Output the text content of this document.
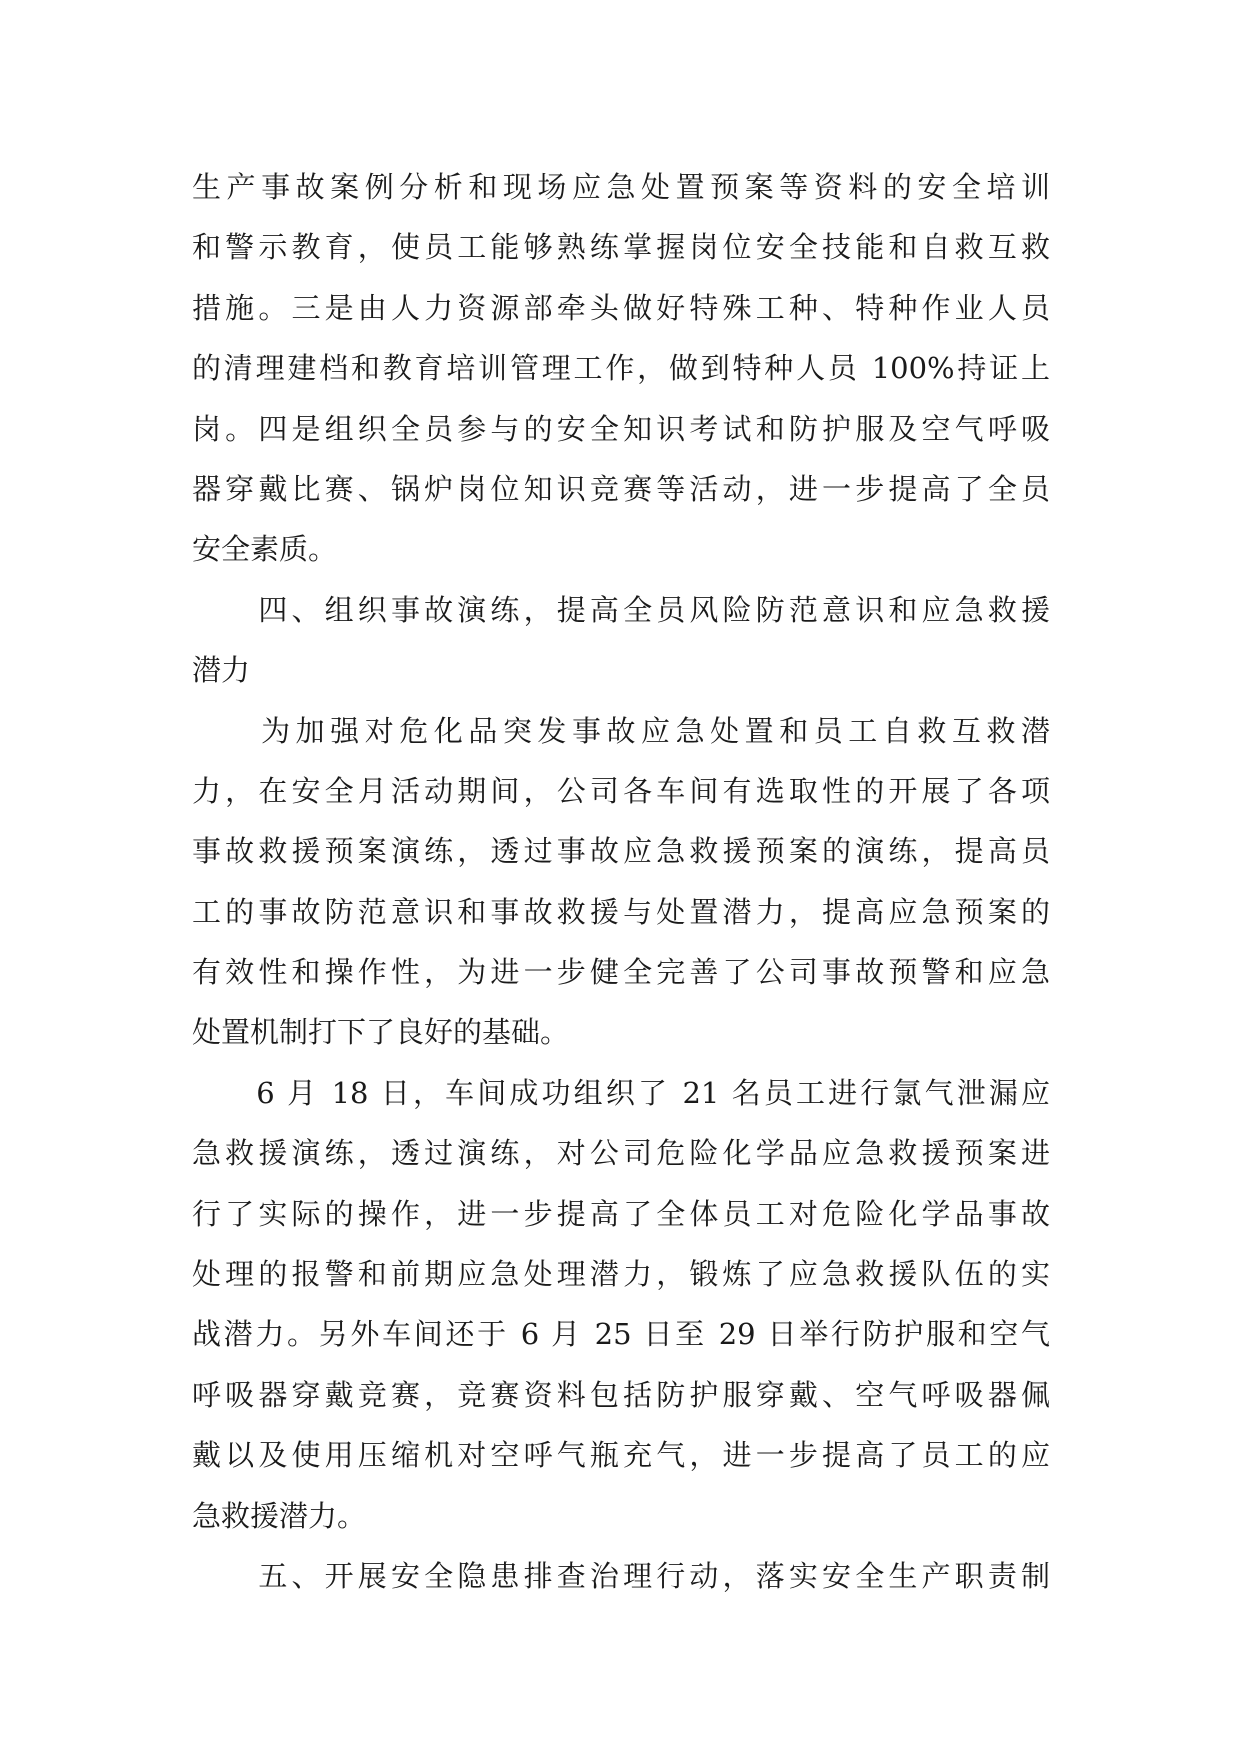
生产事故案例分析和现场应急处置预案等资料的安全培训
和警示教育，使员工能够熟练掌握岗位安全技能和自救互救
措施。三是由人力资源部牵头做好特殊工种、特种作业人员
的清理建档和教育培训管理工作，做到特种人员 100%持证上
岗。四是组织全员参与的安全知识考试和防护服及空气呼吸
器穿戴比赛、锅炉岗位知识竞赛等活动，进一步提高了全员
安全素质。
　　四、组织事故演练，提高全员风险防范意识和应急救援
潜力
　　为加强对危化品突发事故应急处置和员工自救互救潜
力，在安全月活动期间，公司各车间有选取性的开展了各项
事故救援预案演练，透过事故应急救援预案的演练，提高员
工的事故防范意识和事故救援与处置潜力，提高应急预案的
有效性和操作性，为进一步健全完善了公司事故预警和应急
处置机制打下了良好的基础。
　　6 月 18 日，车间成功组织了 21 名员工进行氯气泄漏应
急救援演练，透过演练，对公司危险化学品应急救援预案进
行了实际的操作，进一步提高了全体员工对危险化学品事故
处理的报警和前期应急处理潜力，锻炼了应急救援队伍的实
战潜力。另外车间还于 6 月 25 日至 29 日举行防护服和空气
呼吸器穿戴竞赛，竞赛资料包括防护服穿戴、空气呼吸器佩
戴以及使用压缩机对空呼气瓶充气，进一步提高了员工的应
急救援潜力。
　　五、开展安全隐患排查治理行动，落实安全生产职责制
